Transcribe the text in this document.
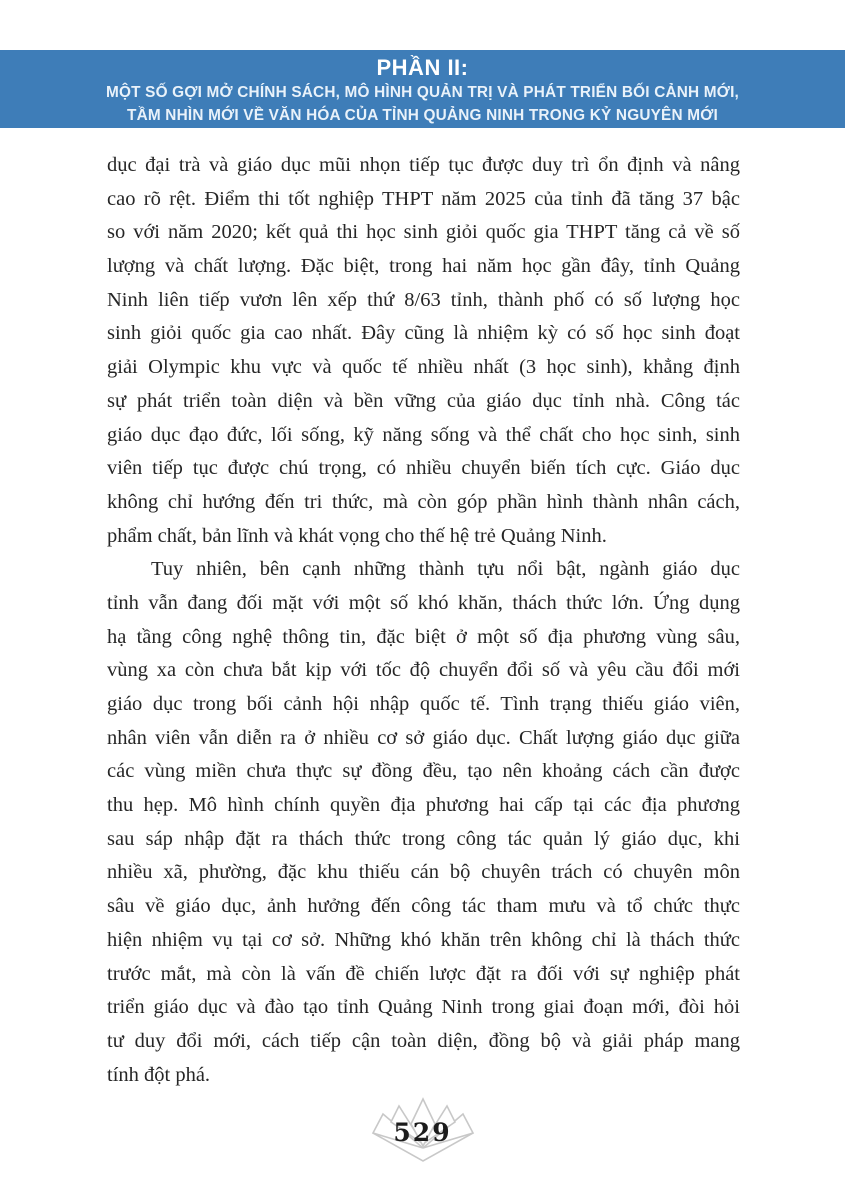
PHẦN II:
MỘT SỐ GỢI MỞ CHÍNH SÁCH, MÔ HÌNH QUẢN TRỊ VÀ PHÁT TRIỂN BỐI CẢNH MỚI,
TẦM NHÌN MỚI VỀ VĂN HÓA CỦA TỈNH QUẢNG NINH TRONG KỶ NGUYÊN MỚI
dục đại trà và giáo dục mũi nhọn tiếp tục được duy trì ổn định và nâng
cao rõ rệt. Điểm thi tốt nghiệp THPT năm 2025 của tỉnh đã tăng 37 bậc
so với năm 2020; kết quả thi học sinh giỏi quốc gia THPT tăng cả về số
lượng và chất lượng. Đặc biệt, trong hai năm học gần đây, tỉnh Quảng
Ninh liên tiếp vươn lên xếp thứ 8/63 tỉnh, thành phố có số lượng học
sinh giỏi quốc gia cao nhất. Đây cũng là nhiệm kỳ có số học sinh đoạt
giải Olympic khu vực và quốc tế nhiều nhất (3 học sinh), khẳng định
sự phát triển toàn diện và bền vững của giáo dục tỉnh nhà. Công tác
giáo dục đạo đức, lối sống, kỹ năng sống và thể chất cho học sinh, sinh
viên tiếp tục được chú trọng, có nhiều chuyển biến tích cực. Giáo dục
không chỉ hướng đến tri thức, mà còn góp phần hình thành nhân cách,
phẩm chất, bản lĩnh và khát vọng cho thế hệ trẻ Quảng Ninh.
Tuy nhiên, bên cạnh những thành tựu nổi bật, ngành giáo dục
tỉnh vẫn đang đối mặt với một số khó khăn, thách thức lớn. Ứng dụng
hạ tầng công nghệ thông tin, đặc biệt ở một số địa phương vùng sâu,
vùng xa còn chưa bắt kịp với tốc độ chuyển đổi số và yêu cầu đổi mới
giáo dục trong bối cảnh hội nhập quốc tế. Tình trạng thiếu giáo viên,
nhân viên vẫn diễn ra ở nhiều cơ sở giáo dục. Chất lượng giáo dục giữa
các vùng miền chưa thực sự đồng đều, tạo nên khoảng cách cần được
thu hẹp. Mô hình chính quyền địa phương hai cấp tại các địa phương
sau sáp nhập đặt ra thách thức trong công tác quản lý giáo dục, khi
nhiều xã, phường, đặc khu thiếu cán bộ chuyên trách có chuyên môn
sâu về giáo dục, ảnh hưởng đến công tác tham mưu và tổ chức thực
hiện nhiệm vụ tại cơ sở. Những khó khăn trên không chỉ là thách thức
trước mắt, mà còn là vấn đề chiến lược đặt ra đối với sự nghiệp phát
triển giáo dục và đào tạo tỉnh Quảng Ninh trong giai đoạn mới, đòi hỏi
tư duy đổi mới, cách tiếp cận toàn diện, đồng bộ và giải pháp mang
tính đột phá.
529
